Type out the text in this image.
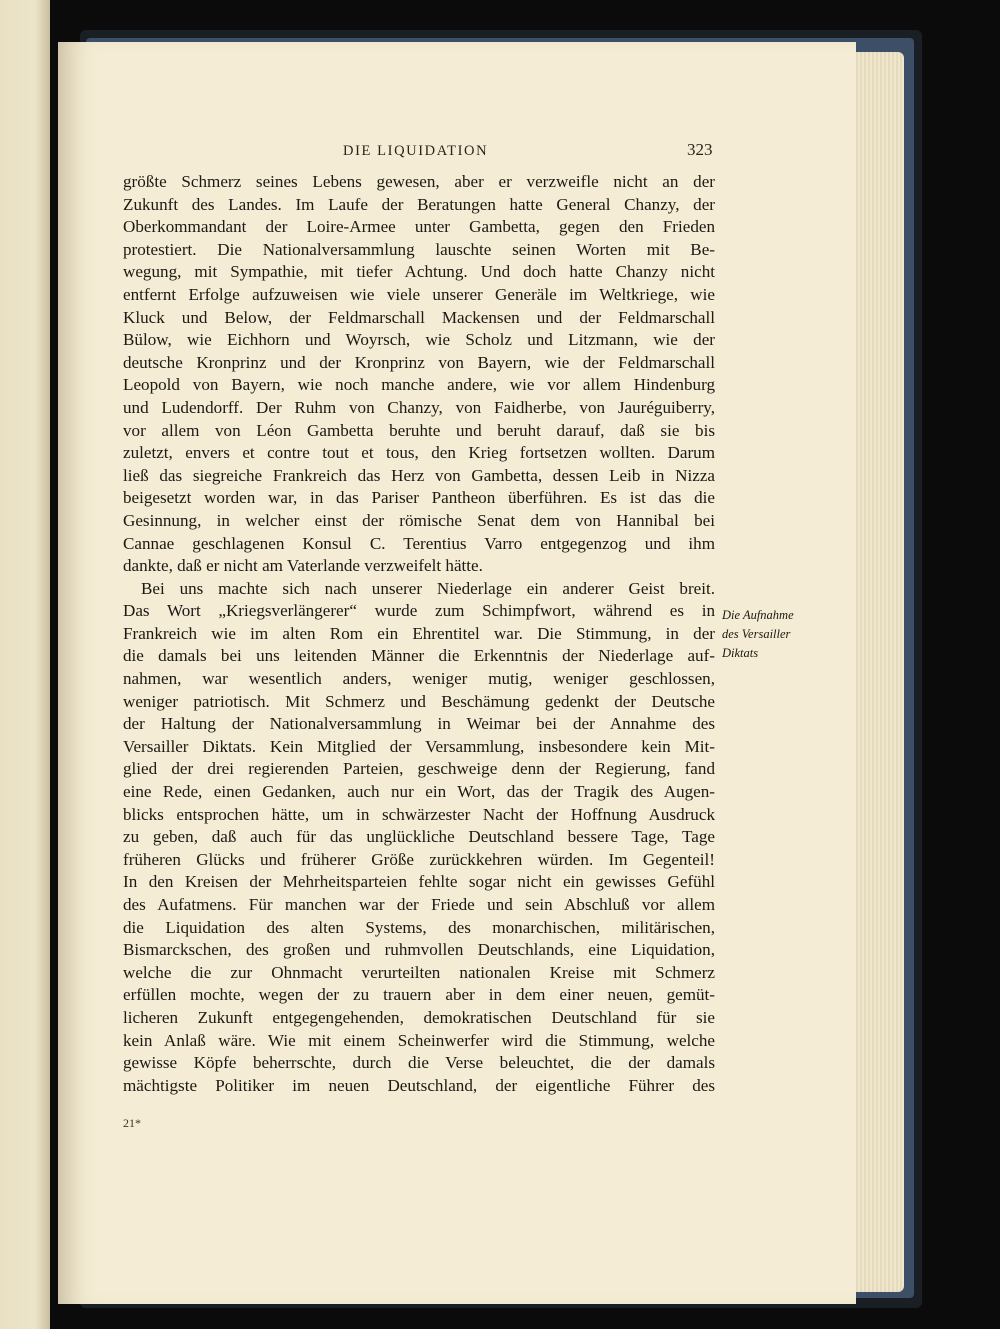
DIE LIQUIDATION	323
größte Schmerz seines Lebens gewesen, aber er verzweifle nicht an der
Zukunft des Landes. Im Laufe der Beratungen hatte General Chanzy, der
Oberkommandant der Loire-Armee unter Gambetta, gegen den Frieden
protestiert. Die Nationalversammlung lauschte seinen Worten mit Be-
wegung, mit Sympathie, mit tiefer Achtung. Und doch hatte Chanzy nicht
entfernt Erfolge aufzuweisen wie viele unserer Generäle im Weltkriege, wie
Kluck und Below, der Feldmarschall Mackensen und der Feldmarschall
Bülow, wie Eichhorn und Woyrsch, wie Scholz und Litzmann, wie der
deutsche Kronprinz und der Kronprinz von Bayern, wie der Feldmarschall
Leopold von Bayern, wie noch manche andere, wie vor allem Hindenburg
und Ludendorff. Der Ruhm von Chanzy, von Faidherbe, von Jauréguiberry,
vor allem von Léon Gambetta beruhte und beruht darauf, daß sie bis
zuletzt, envers et contre tout et tous, den Krieg fortsetzen wollten. Darum
ließ das siegreiche Frankreich das Herz von Gambetta, dessen Leib in Nizza
beigesetzt worden war, in das Pariser Pantheon überführen. Es ist das die
Gesinnung, in welcher einst der römische Senat dem von Hannibal bei
Cannae geschlagenen Konsul C. Terentius Varro entgegenzog und ihm
dankte, daß er nicht am Vaterlande verzweifelt hätte.
Bei uns machte sich nach unserer Niederlage ein anderer Geist breit.
Das Wort „Kriegsverlängerer“ wurde zum Schimpfwort, während es in
Frankreich wie im alten Rom ein Ehrentitel war. Die Stimmung, in der
die damals bei uns leitenden Männer die Erkenntnis der Niederlage auf-
nahmen, war wesentlich anders, weniger mutig, weniger geschlossen,
weniger patriotisch. Mit Schmerz und Beschämung gedenkt der Deutsche
der Haltung der Nationalversammlung in Weimar bei der Annahme des
Versailler Diktats. Kein Mitglied der Versammlung, insbesondere kein Mit-
glied der drei regierenden Parteien, geschweige denn der Regierung, fand
eine Rede, einen Gedanken, auch nur ein Wort, das der Tragik des Augen-
blicks entsprochen hätte, um in schwärzester Nacht der Hoffnung Ausdruck
zu geben, daß auch für das unglückliche Deutschland bessere Tage, Tage
früheren Glücks und früherer Größe zurückkehren würden. Im Gegenteil!
In den Kreisen der Mehrheitsparteien fehlte sogar nicht ein gewisses Gefühl
des Aufatmens. Für manchen war der Friede und sein Abschluß vor allem
die Liquidation des alten Systems, des monarchischen, militärischen,
Bismarckschen, des großen und ruhmvollen Deutschlands, eine Liquidation,
welche die zur Ohnmacht verurteilten nationalen Kreise mit Schmerz
erfüllen mochte, wegen der zu trauern aber in dem einer neuen, gemüt-
licheren Zukunft entgegengehenden, demokratischen Deutschland für sie
kein Anlaß wäre. Wie mit einem Scheinwerfer wird die Stimmung, welche
gewisse Köpfe beherrschte, durch die Verse beleuchtet, die der damals
mächtigste Politiker im neuen Deutschland, der eigentliche Führer des
Die Aufnahme
des Versailler
Diktats
21*
